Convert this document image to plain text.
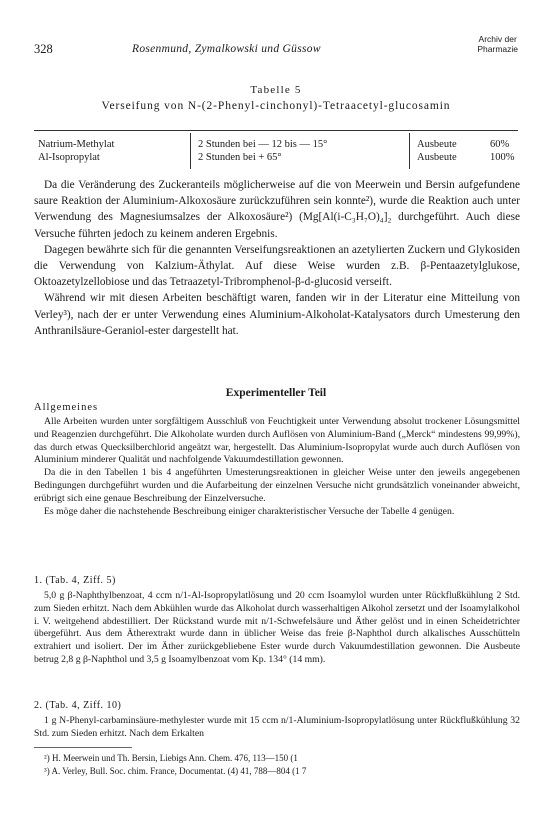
328	Rosenmund, Zymalkowski und Güssow
Archiv der
Pharmazie
Tabelle 5
Verseifung von N-(2-Phenyl-cinchonyl)-Tetraacetyl-glucosamin
Natrium-Methylat	2 Stunden bei — 12 bis — 15°	Ausbeute	60%
Al-Isopropylat	2 Stunden bei + 65°	Ausbeute	100%

Da die Veränderung des Zuckeranteils möglicherweise auf die von Meerwein und Bersin aufgefundene saure Reaktion der Aluminium-Alkoxosäure zurückzuführen sein konnte²), wurde die Reaktion auch unter Verwendung des Magnesiumsalzes der Alkoxosäure²) (Mg[Al(i-C₃H₇O)₄]₂ durchgeführt. Auch diese Versuche führten jedoch zu keinem anderen Ergebnis.

Dagegen bewährte sich für die genannten Verseifungsreaktionen an azetylierten Zuckern und Glykosiden die Verwendung von Kalzium-Äthylat. Auf diese Weise wurden z.B. β-Pentaazetylglukose, Oktoazetylzellobiose und das Tetraazetyl-Tribromphenol-β-d-glucosid verseift.

Während wir mit diesen Arbeiten beschäftigt waren, fanden wir in der Literatur eine Mitteilung von Verley³), nach der er unter Verwendung eines Aluminium-Alkoholat-Katalysators durch Umesterung den Anthranilsäure-Geraniol-ester dargestellt hat.

Experimenteller Teil
Allgemeines

Alle Arbeiten wurden unter sorgfältigem Ausschluß von Feuchtigkeit unter Verwendung absolut trockener Lösungsmittel und Reagenzien durchgeführt. Die Alkoholate wurden durch Auflösen von Aluminium-Band („Merck“ mindestens 99,99%), das durch etwas Quecksilberchlorid angeätzt war, hergestellt. Das Aluminium-Isopropylat wurde auch durch Auflösen von Aluminium minderer Qualität und nachfolgende Vakuumdestillation gewonnen.

Da die in den Tabellen 1 bis 4 angeführten Umesterungsreaktionen in gleicher Weise unter den jeweils angegebenen Bedingungen durchgeführt wurden und die Aufarbeitung der einzelnen Versuche nicht grundsätzlich voneinander abweicht, erübrigt sich eine genaue Beschreibung der Einzelversuche.

Es möge daher die nachstehende Beschreibung einiger charakteristischer Versuche der Tabelle 4 genügen.

1. (Tab. 4, Ziff. 5)

5,0 g β-Naphthylbenzoat, 4 ccm n/1-Al-Isopropylatlösung und 20 ccm Isoamylol wurden unter Rückflußkühlung 2 Std. zum Sieden erhitzt. Nach dem Abkühlen wurde das Alkoholat durch wasserhaltigen Alkohol zersetzt und der Isoamylalkohol i. V. weitgehend abdestilliert. Der Rückstand wurde mit n/1-Schwefelsäure und Äther gelöst und in einen Scheidetrichter übergeführt. Aus dem Ätherextrakt wurde dann in üblicher Weise das freie β-Naphthol durch alkalisches Ausschütteln extrahiert und isoliert. Der im Äther zurückgebliebene Ester wurde durch Vakuumdestillation gewonnen. Die Ausbeute betrug 2,8 g β-Naphthol und 3,5 g Isoamylbenzoat vom Kp. 134° (14 mm).

2. (Tab. 4, Ziff. 10)

1 g N-Phenyl-carbaminsäure-methylester wurde mit 15 ccm n/1-Aluminium-Isopropylatlösung unter Rückflußkühlung 32 Std. zum Sieden erhitzt. Nach dem Erkalten

²) H. Meerwein und Th. Bersin, Liebigs Ann. Chem. 476, 113—150 (1
³) A. Verley, Bull. Soc. chim. France, Documentat. (4) 41, 788—804 (1 7
